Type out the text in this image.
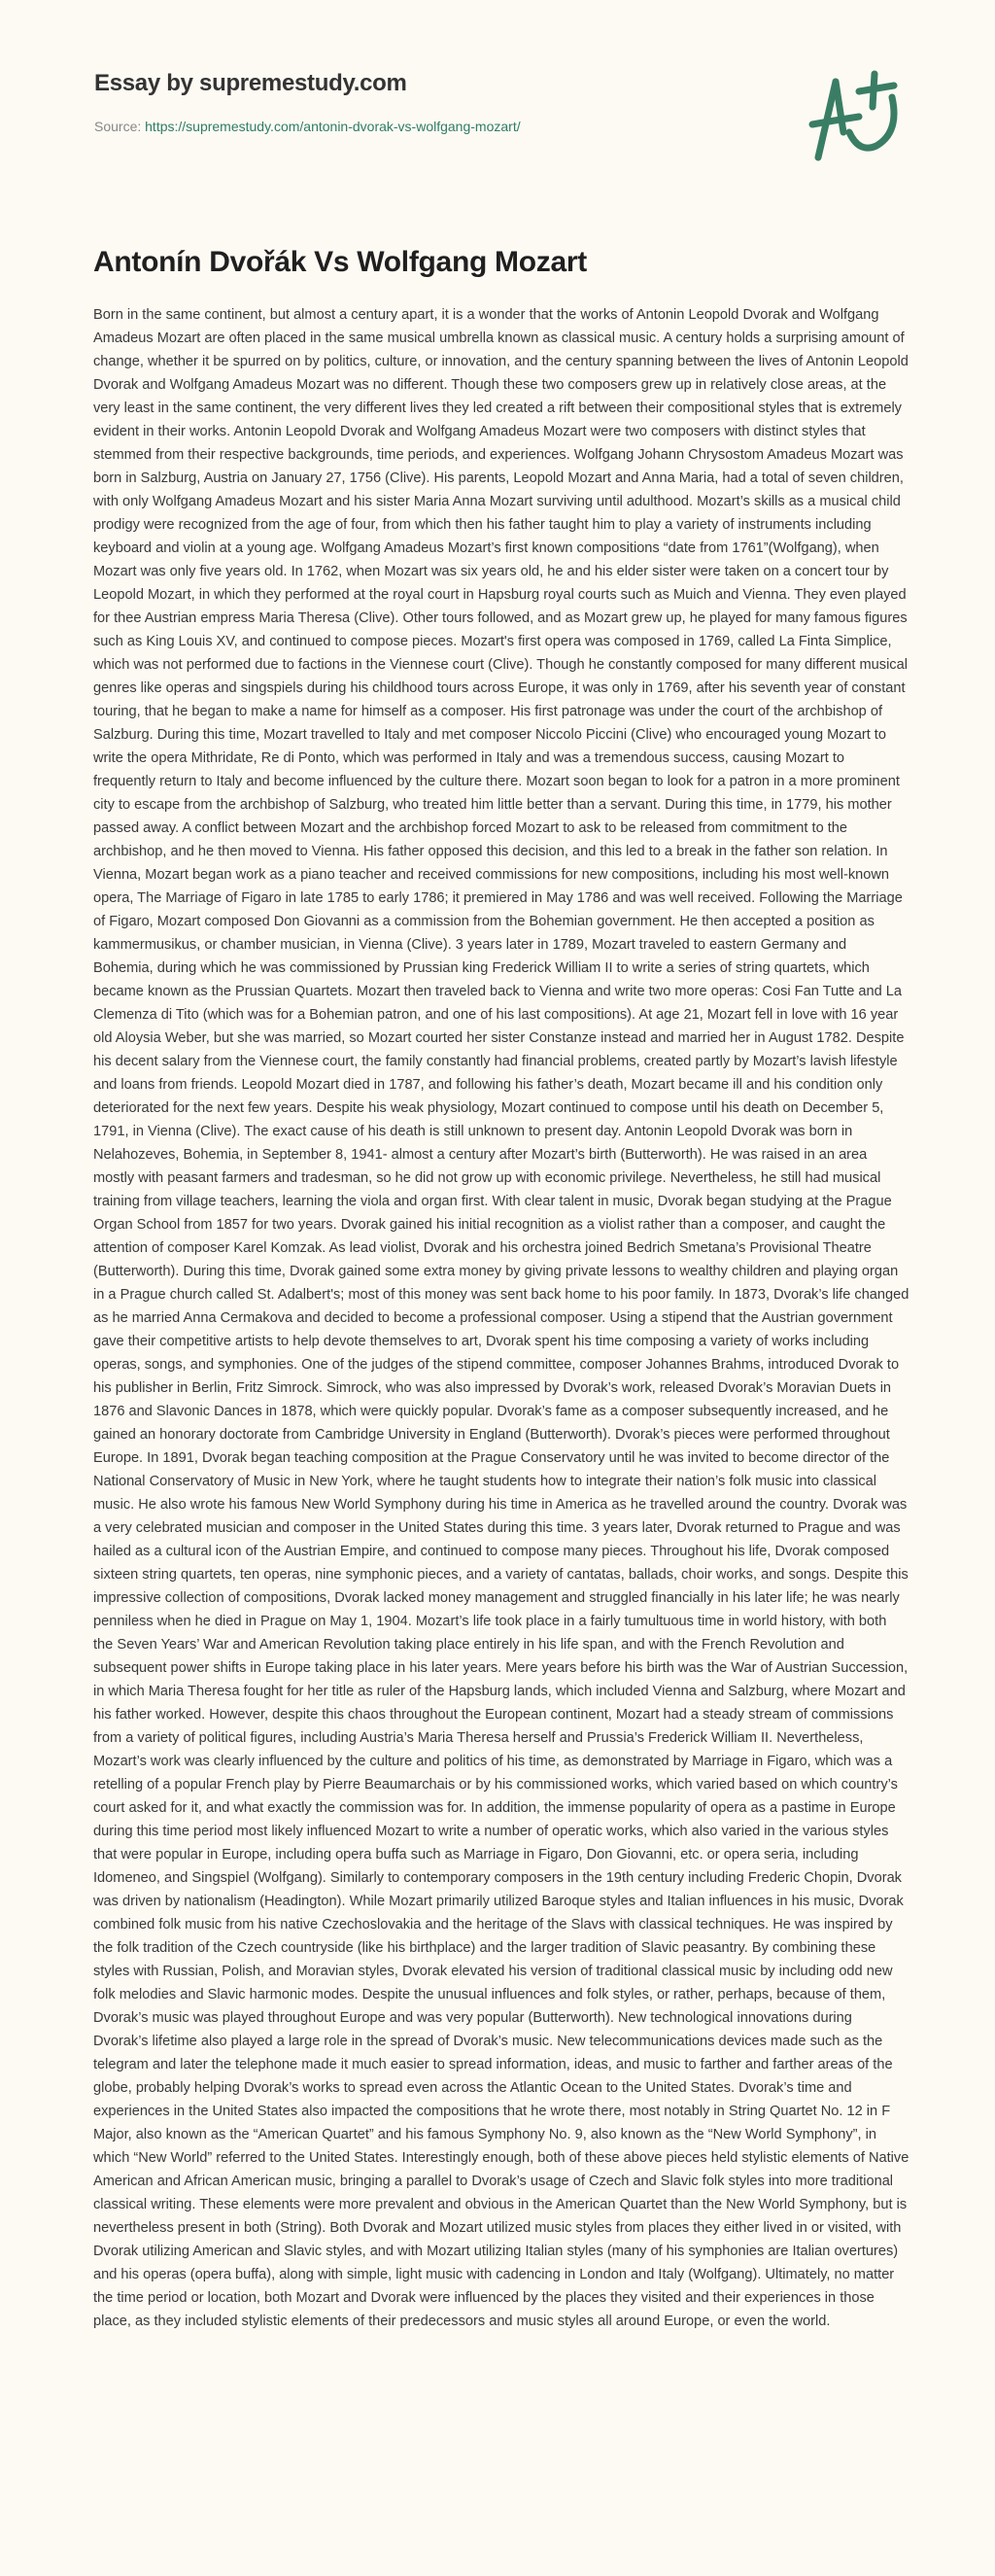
Essay by supremestudy.com
Source: https://supremestudy.com/antonin-dvorak-vs-wolfgang-mozart/
Antonín Dvořák Vs Wolfgang Mozart

Born in the same continent, but almost a century apart, it is a wonder that the works of Antonin Leopold Dvorak and Wolfgang Amadeus Mozart are often placed in the same musical umbrella known as classical music. A century holds a surprising amount of change, whether it be spurred on by politics, culture, or innovation, and the century spanning between the lives of Antonin Leopold Dvorak and Wolfgang Amadeus Mozart was no different. Though these two composers grew up in relatively close areas, at the very least in the same continent, the very different lives they led created a rift between their compositional styles that is extremely evident in their works. Antonin Leopold Dvorak and Wolfgang Amadeus Mozart were two composers with distinct styles that stemmed from their respective backgrounds, time periods, and experiences. Wolfgang Johann Chrysostom Amadeus Mozart was born in Salzburg, Austria on January 27, 1756 (Clive). His parents, Leopold Mozart and Anna Maria, had a total of seven children, with only Wolfgang Amadeus Mozart and his sister Maria Anna Mozart surviving until adulthood. Mozart’s skills as a musical child prodigy were recognized from the age of four, from which then his father taught him to play a variety of instruments including keyboard and violin at a young age. Wolfgang Amadeus Mozart’s first known compositions “date from 1761”(Wolfgang), when Mozart was only five years old. In 1762, when Mozart was six years old, he and his elder sister were taken on a concert tour by Leopold Mozart, in which they performed at the royal court in Hapsburg royal courts such as Muich and Vienna. They even played for thee Austrian empress Maria Theresa (Clive). Other tours followed, and as Mozart grew up, he played for many famous figures such as King Louis XV, and continued to compose pieces. Mozart's first opera was composed in 1769, called La Finta Simplice, which was not performed due to factions in the Viennese court (Clive). Though he constantly composed for many different musical genres like operas and singspiels during his childhood tours across Europe, it was only in 1769, after his seventh year of constant touring, that he began to make a name for himself as a composer. His first patronage was under the court of the archbishop of Salzburg. During this time, Mozart travelled to Italy and met composer Niccolo Piccini (Clive) who encouraged young Mozart to write the opera Mithridate, Re di Ponto, which was performed in Italy and was a tremendous success, causing Mozart to frequently return to Italy and become influenced by the culture there. Mozart soon began to look for a patron in a more prominent city to escape from the archbishop of Salzburg, who treated him little better than a servant. During this time, in 1779, his mother passed away. A conflict between Mozart and the archbishop forced Mozart to ask to be released from commitment to the archbishop, and he then moved to Vienna. His father opposed this decision, and this led to a break in the father son relation. In Vienna, Mozart began work as a piano teacher and received commissions for new compositions, including his most well-known opera, The Marriage of Figaro in late 1785 to early 1786; it premiered in May 1786 and was well received. Following the Marriage of Figaro, Mozart composed Don Giovanni as a commission from the Bohemian government. He then accepted a position as kammermusikus, or chamber musician, in Vienna (Clive). 3 years later in 1789, Mozart traveled to eastern Germany and Bohemia, during which he was commissioned by Prussian king Frederick William II to write a series of string quartets, which became known as the Prussian Quartets. Mozart then traveled back to Vienna and write two more operas: Cosi Fan Tutte and La Clemenza di Tito (which was for a Bohemian patron, and one of his last compositions). At age 21, Mozart fell in love with 16 year old Aloysia Weber, but she was married, so Mozart courted her sister Constanze instead and married her in August 1782. Despite his decent salary from the Viennese court, the family constantly had financial problems, created partly by Mozart’s lavish lifestyle and loans from friends. Leopold Mozart died in 1787, and following his father’s death, Mozart became ill and his condition only deteriorated for the next few years. Despite his weak physiology, Mozart continued to compose until his death on December 5, 1791, in Vienna (Clive). The exact cause of his death is still unknown to present day. Antonin Leopold Dvorak was born in Nelahozeves, Bohemia, in September 8, 1941- almost a century after Mozart’s birth (Butterworth). He was raised in an area mostly with peasant farmers and tradesman, so he did not grow up with economic privilege. Nevertheless, he still had musical training from village teachers, learning the viola and organ first. With clear talent in music, Dvorak began studying at the Prague Organ School from 1857 for two years. Dvorak gained his initial recognition as a violist rather than a composer, and caught the attention of composer Karel Komzak. As lead violist, Dvorak and his orchestra joined Bedrich Smetana’s Provisional Theatre (Butterworth). During this time, Dvorak gained some extra money by giving private lessons to wealthy children and playing organ in a Prague church called St. Adalbert's; most of this money was sent back home to his poor family. In 1873, Dvorak’s life changed as he married Anna Cermakova and decided to become a professional composer. Using a stipend that the Austrian government gave their competitive artists to help devote themselves to art, Dvorak spent his time composing a variety of works including operas, songs, and symphonies. One of the judges of the stipend committee, composer Johannes Brahms, introduced Dvorak to his publisher in Berlin, Fritz Simrock. Simrock, who was also impressed by Dvorak’s work, released Dvorak’s Moravian Duets in 1876 and Slavonic Dances in 1878, which were quickly popular. Dvorak’s fame as a composer subsequently increased, and he gained an honorary doctorate from Cambridge University in England (Butterworth). Dvorak’s pieces were performed throughout Europe. In 1891, Dvorak began teaching composition at the Prague Conservatory until he was invited to become director of the National Conservatory of Music in New York, where he taught students how to integrate their nation’s folk music into classical music. He also wrote his famous New World Symphony during his time in America as he travelled around the country. Dvorak was a very celebrated musician and composer in the United States during this time. 3 years later, Dvorak returned to Prague and was hailed as a cultural icon of the Austrian Empire, and continued to compose many pieces. Throughout his life, Dvorak composed sixteen string quartets, ten operas, nine symphonic pieces, and a variety of cantatas, ballads, choir works, and songs. Despite this impressive collection of compositions, Dvorak lacked money management and struggled financially in his later life; he was nearly penniless when he died in Prague on May 1, 1904. Mozart’s life took place in a fairly tumultuous time in world history, with both the Seven Years’ War and American Revolution taking place entirely in his life span, and with the French Revolution and subsequent power shifts in Europe taking place in his later years. Mere years before his birth was the War of Austrian Succession, in which Maria Theresa fought for her title as ruler of the Hapsburg lands, which included Vienna and Salzburg, where Mozart and his father worked. However, despite this chaos throughout the European continent, Mozart had a steady stream of commissions from a variety of political figures, including Austria’s Maria Theresa herself and Prussia’s Frederick William II. Nevertheless, Mozart’s work was clearly influenced by the culture and politics of his time, as demonstrated by Marriage in Figaro, which was a retelling of a popular French play by Pierre Beaumarchais or by his commissioned works, which varied based on which country’s court asked for it, and what exactly the commission was for. In addition, the immense popularity of opera as a pastime in Europe during this time period most likely influenced Mozart to write a number of operatic works, which also varied in the various styles that were popular in Europe, including opera buffa such as Marriage in Figaro, Don Giovanni, etc. or opera seria, including Idomeneo, and Singspiel (Wolfgang). Similarly to contemporary composers in the 19th century including Frederic Chopin, Dvorak was driven by nationalism (Headington). While Mozart primarily utilized Baroque styles and Italian influences in his music, Dvorak combined folk music from his native Czechoslovakia and the heritage of the Slavs with classical techniques. He was inspired by the folk tradition of the Czech countryside (like his birthplace) and the larger tradition of Slavic peasantry. By combining these styles with Russian, Polish, and Moravian styles, Dvorak elevated his version of traditional classical music by including odd new folk melodies and Slavic harmonic modes. Despite the unusual influences and folk styles, or rather, perhaps, because of them, Dvorak’s music was played throughout Europe and was very popular (Butterworth). New technological innovations during Dvorak’s lifetime also played a large role in the spread of Dvorak’s music. New telecommunications devices made such as the telegram and later the telephone made it much easier to spread information, ideas, and music to farther and farther areas of the globe, probably helping Dvorak’s works to spread even across the Atlantic Ocean to the United States. Dvorak’s time and experiences in the United States also impacted the compositions that he wrote there, most notably in String Quartet No. 12 in F Major, also known as the “American Quartet” and his famous Symphony No. 9, also known as the “New World Symphony”, in which “New World” referred to the United States. Interestingly enough, both of these above pieces held stylistic elements of Native American and African American music, bringing a parallel to Dvorak’s usage of Czech and Slavic folk styles into more traditional classical writing. These elements were more prevalent and obvious in the American Quartet than the New World Symphony, but is nevertheless present in both (String). Both Dvorak and Mozart utilized music styles from places they either lived in or visited, with Dvorak utilizing American and Slavic styles, and with Mozart utilizing Italian styles (many of his symphonies are Italian overtures) and his operas (opera buffa), along with simple, light music with cadencing in London and Italy (Wolfgang). Ultimately, no matter the time period or location, both Mozart and Dvorak were influenced by the places they visited and their experiences in those place, as they included stylistic elements of their predecessors and music styles all around Europe, or even the world.
